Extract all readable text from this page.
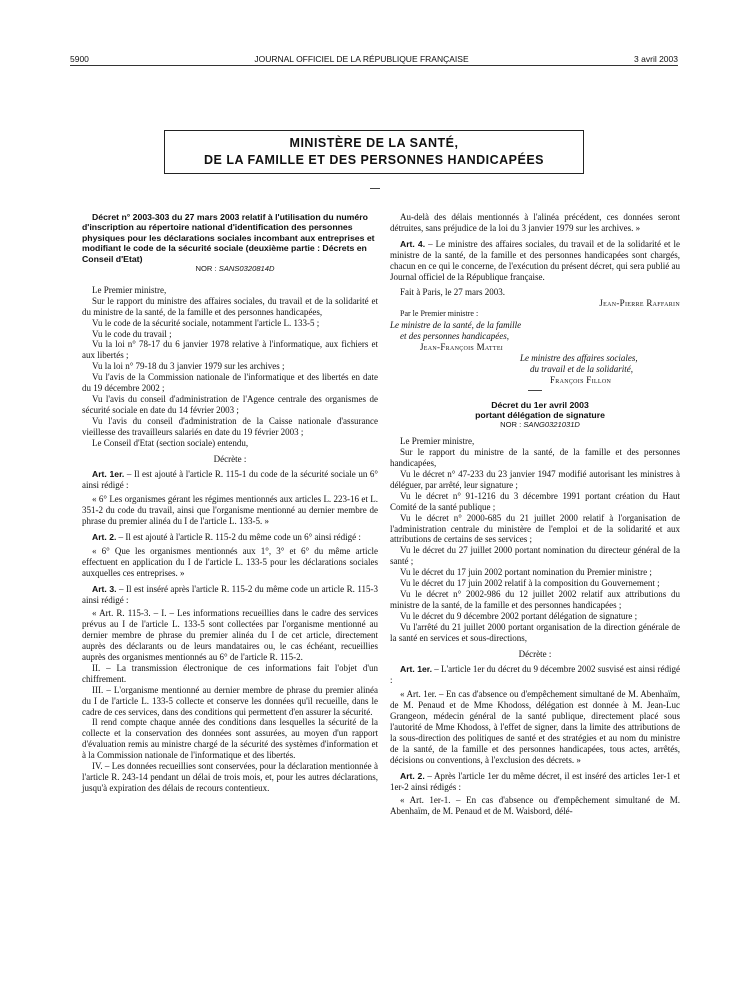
5900	JOURNAL OFFICIEL DE LA RÉPUBLIQUE FRANÇAISE	3 avril 2003
MINISTÈRE DE LA SANTÉ,
DE LA FAMILLE ET DES PERSONNES HANDICAPÉES

Décret n° 2003-303 du 27 mars 2003 relatif à l'utilisation du numéro d'inscription au répertoire national d'identification des personnes physiques pour les déclarations sociales incombant aux entreprises et modifiant le code de la sécurité sociale (deuxième partie : Décrets en Conseil d'Etat)

NOR : SANS0320814D

Le Premier ministre,

Sur le rapport du ministre des affaires sociales, du travail et de la solidarité et du ministre de la santé, de la famille et des personnes handicapées,

Vu le code de la sécurité sociale, notamment l'article L. 133-5 ;

Vu le code du travail ;

Vu la loi n° 78-17 du 6 janvier 1978 relative à l'informatique, aux fichiers et aux libertés ;

Vu la loi n° 79-18 du 3 janvier 1979 sur les archives ;

Vu l'avis de la Commission nationale de l'informatique et des libertés en date du 19 décembre 2002 ;

Vu l'avis du conseil d'administration de l'Agence centrale des organismes de sécurité sociale en date du 14 février 2003 ;

Vu l'avis du conseil d'administration de la Caisse nationale d'assurance vieillesse des travailleurs salariés en date du 19 février 2003 ;

Le Conseil d'Etat (section sociale) entendu,

Décrète :

Art. 1er. – Il est ajouté à l'article R. 115-1 du code de la sécurité sociale un 6° ainsi rédigé :

« 6° Les organismes gérant les régimes mentionnés aux articles L. 223-16 et L. 351-2 du code du travail, ainsi que l'organisme mentionné au dernier membre de phrase du premier alinéa du I de l'article L. 133-5. »

Art. 2. – Il est ajouté à l'article R. 115-2 du même code un 6° ainsi rédigé :

« 6° Que les organismes mentionnés aux 1°, 3° et 6° du même article effectuent en application du I de l'article L. 133-5 pour les déclarations sociales auxquelles ces entreprises. »

Art. 3. – Il est inséré après l'article R. 115-2 du même code un article R. 115-3 ainsi rédigé :

« Art. R. 115-3. – I. – Les informations recueillies dans le cadre des services prévus au I de l'article L. 133-5 sont collectées par l'organisme mentionné au dernier membre de phrase du premier alinéa du I de cet article, directement auprès des déclarants ou de leurs mandataires ou, le cas échéant, recueillies auprès des organismes mentionnés au 6° de l'article R. 115-2.

II. – La transmission électronique de ces informations fait l'objet d'un chiffrement.

III. – L'organisme mentionné au dernier membre de phrase du premier alinéa du I de l'article L. 133-5 collecte et conserve les données qu'il recueille, dans le cadre de ces services, dans des conditions qui permettent d'en assurer la sécurité.

Il rend compte chaque année des conditions dans lesquelles la sécurité de la collecte et la conservation des données sont assurées, au moyen d'un rapport d'évaluation remis au ministre chargé de la sécurité des systèmes d'information et à la Commission nationale de l'informatique et des libertés.

IV. – Les données recueillies sont conservées, pour la déclaration mentionnée à l'article R. 243-14 pendant un délai de trois mois, et, pour les autres déclarations, jusqu'à expiration des délais de recours contentieux.

Au-delà des délais mentionnés à l'alinéa précédent, ces données seront détruites, sans préjudice de la loi du 3 janvier 1979 sur les archives. »

Art. 4. – Le ministre des affaires sociales, du travail et de la solidarité et le ministre de la santé, de la famille et des personnes handicapées sont chargés, chacun en ce qui le concerne, de l'exécution du présent décret, qui sera publié au Journal officiel de la République française.

Fait à Paris, le 27 mars 2003.

Jean-Pierre Raffarin

Par le Premier ministre :

Le ministre de la santé, de la famille

et des personnes handicapées,

Jean-François Mattei

Le ministre des affaires sociales,

du travail et de la solidarité,

François Fillon

Décret du 1er avril 2003

portant délégation de signature

NOR : SANG0321031D

Le Premier ministre,

Sur le rapport du ministre de la santé, de la famille et des personnes handicapées,

Vu le décret n° 47-233 du 23 janvier 1947 modifié autorisant les ministres à déléguer, par arrêté, leur signature ;

Vu le décret n° 91-1216 du 3 décembre 1991 portant création du Haut Comité de la santé publique ;

Vu le décret n° 2000-685 du 21 juillet 2000 relatif à l'organisation de l'administration centrale du ministère de l'emploi et de la solidarité et aux attributions de certains de ses services ;

Vu le décret du 27 juillet 2000 portant nomination du directeur général de la santé ;

Vu le décret du 17 juin 2002 portant nomination du Premier ministre ;

Vu le décret du 17 juin 2002 relatif à la composition du Gouvernement ;

Vu le décret n° 2002-986 du 12 juillet 2002 relatif aux attributions du ministre de la santé, de la famille et des personnes handicapées ;

Vu le décret du 9 décembre 2002 portant délégation de signature ;

Vu l'arrêté du 21 juillet 2000 portant organisation de la direction générale de la santé en services et sous-directions,

Décrète :

Art. 1er. – L'article 1er du décret du 9 décembre 2002 susvisé est ainsi rédigé :

« Art. 1er. – En cas d'absence ou d'empêchement simultané de M. Abenhaïm, de M. Penaud et de Mme Khodoss, délégation est donnée à M. Jean-Luc Grangeon, médecin général de la santé publique, directement placé sous l'autorité de Mme Khodoss, à l'effet de signer, dans la limite des attributions de la sous-direction des politiques de santé et des stratégies et au nom du ministre de la santé, de la famille et des personnes handicapées, tous actes, arrêtés, décisions ou conventions, à l'exclusion des décrets. »

Art. 2. – Après l'article 1er du même décret, il est inséré des articles 1er-1 et 1er-2 ainsi rédigés :

« Art. 1er-1. – En cas d'absence ou d'empêchement simultané de M. Abenhaïm, de M. Penaud et de M. Waisbord, délé-
